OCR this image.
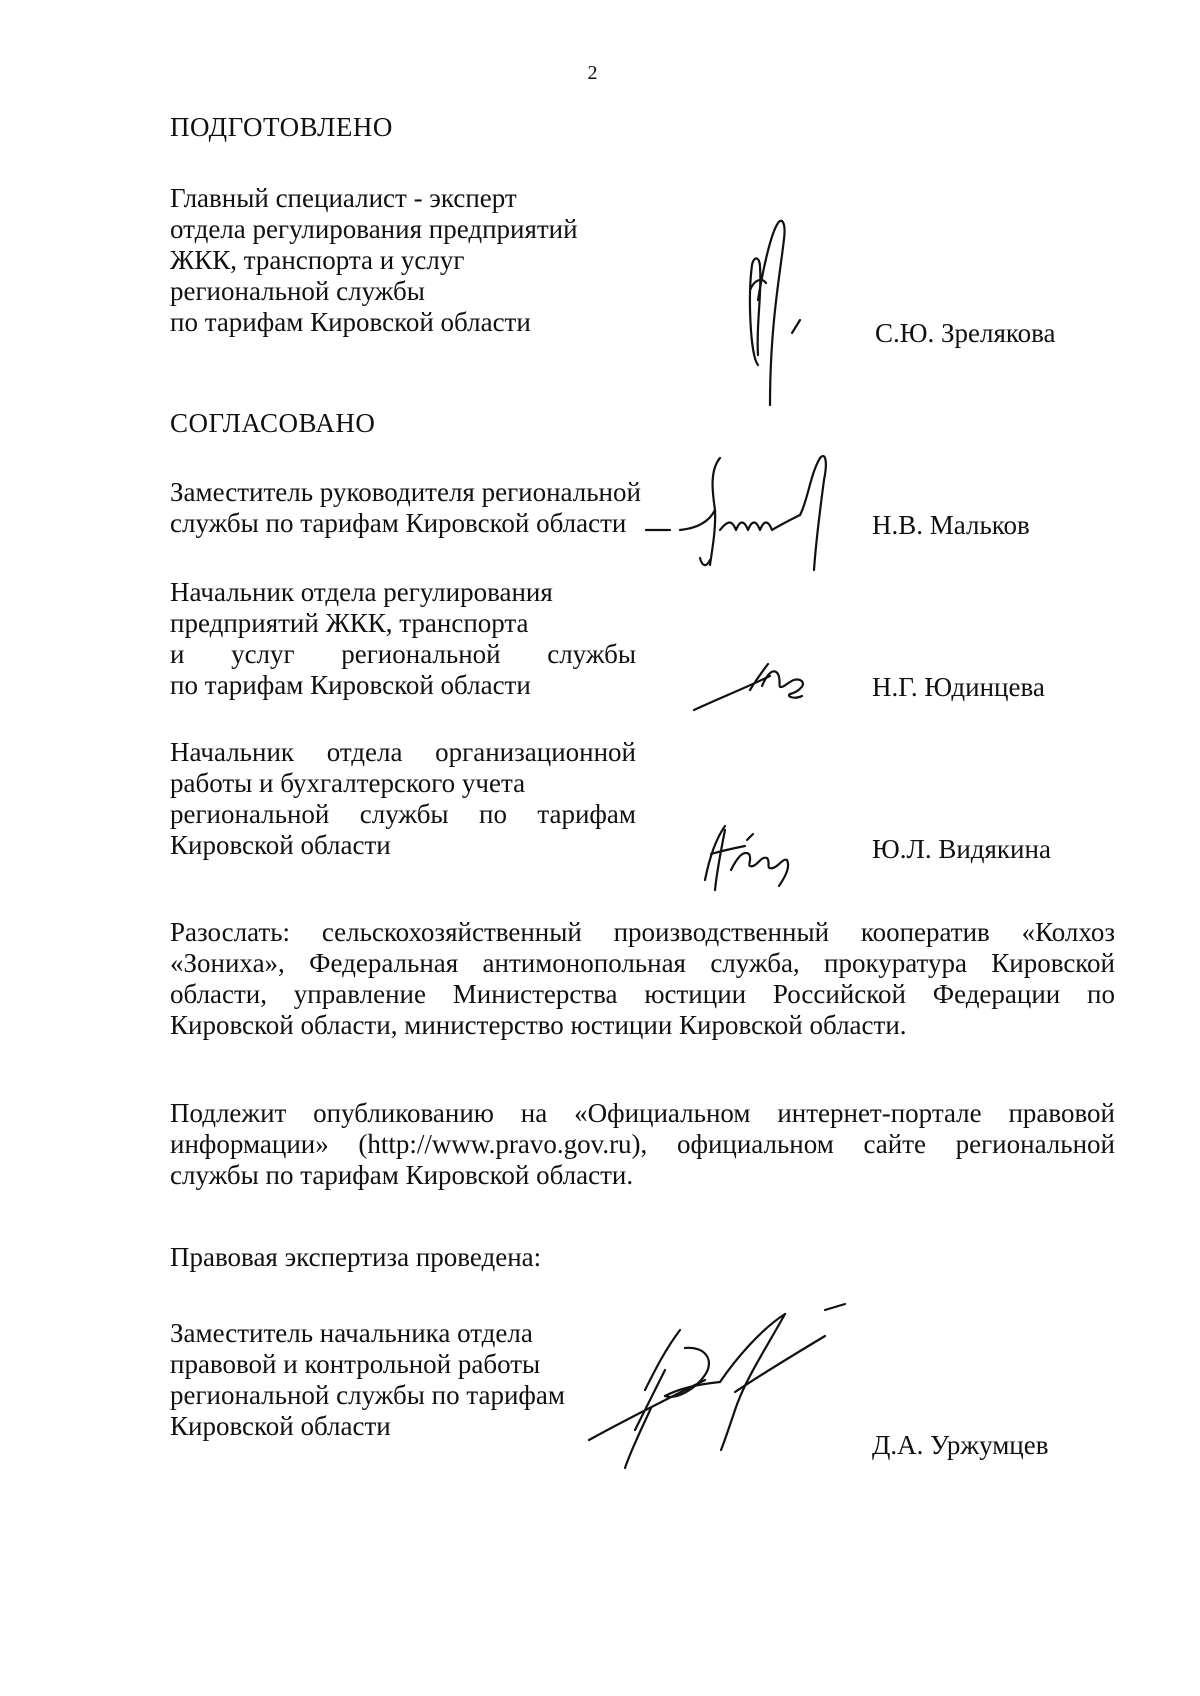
2
ПОДГОТОВЛЕНО
Главный специалист - эксперт
отдела регулирования предприятий
ЖКК, транспорта и услуг
региональной службы
по тарифам Кировской области	С.Ю. Зрелякова
СОГЛАСОВАНО
Заместитель руководителя региональной
службы по тарифам Кировской области	Н.В. Мальков
Начальник отдела регулирования
предприятий ЖКК, транспорта
и услуг региональной службы
по тарифам Кировской области	Н.Г. Юдинцева
Начальник отдела организационной
работы и бухгалтерского учета
региональной службы по тарифам
Кировской области	Ю.Л. Видякина
Разослать: сельскохозяйственный производственный кооператив «Колхоз
«Зониха», Федеральная антимонопольная служба, прокуратура Кировской
области, управление Министерства юстиции Российской Федерации по
Кировской области, министерство юстиции Кировской области.
Подлежит опубликованию на «Официальном интернет-портале правовой
информации» (http://www.pravo.gov.ru), официальном сайте региональной
службы по тарифам Кировской области.
Правовая экспертиза проведена:
Заместитель начальника отдела
правовой и контрольной работы
региональной службы по тарифам
Кировской области
Д.А. Уржумцев
